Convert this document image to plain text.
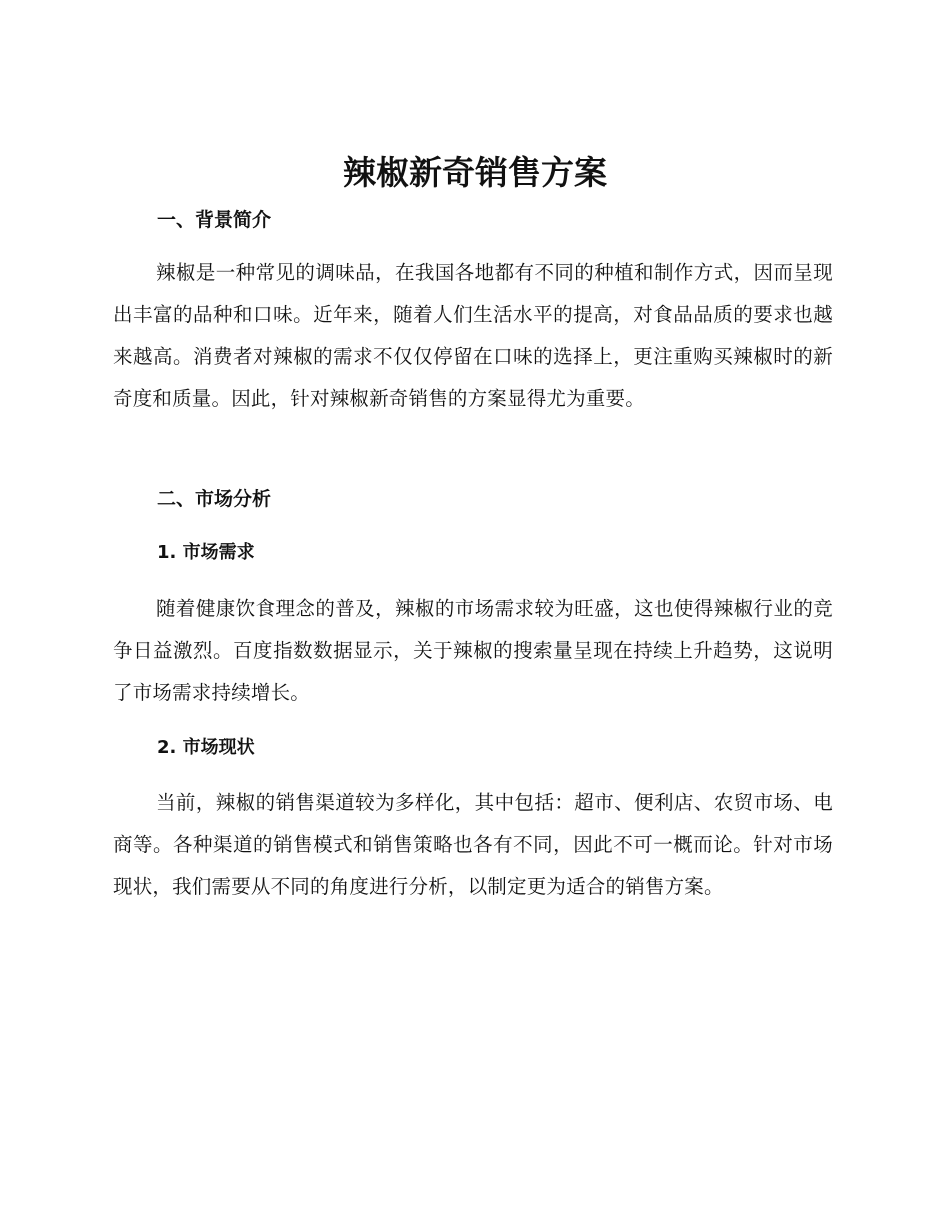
辣椒新奇销售方案
一、背景简介

辣椒是一种常见的调味品，在我国各地都有不同的种植和制作方式，因而呈现出丰富的品种和口味。近年来，随着人们生活水平的提高，对食品品质的要求也越来越高。消费者对辣椒的需求不仅仅停留在口味的选择上，更注重购买辣椒时的新奇度和质量。因此，针对辣椒新奇销售的方案显得尤为重要。

二、市场分析
1. 市场需求

随着健康饮食理念的普及，辣椒的市场需求较为旺盛，这也使得辣椒行业的竞争日益激烈。百度指数数据显示，关于辣椒的搜索量呈现在持续上升趋势，这说明了市场需求持续增长。

2. 市场现状

当前，辣椒的销售渠道较为多样化，其中包括：超市、便利店、农贸市场、电商等。各种渠道的销售模式和销售策略也各有不同，因此不可一概而论。针对市场现状，我们需要从不同的角度进行分析，以制定更为适合的销售方案。
